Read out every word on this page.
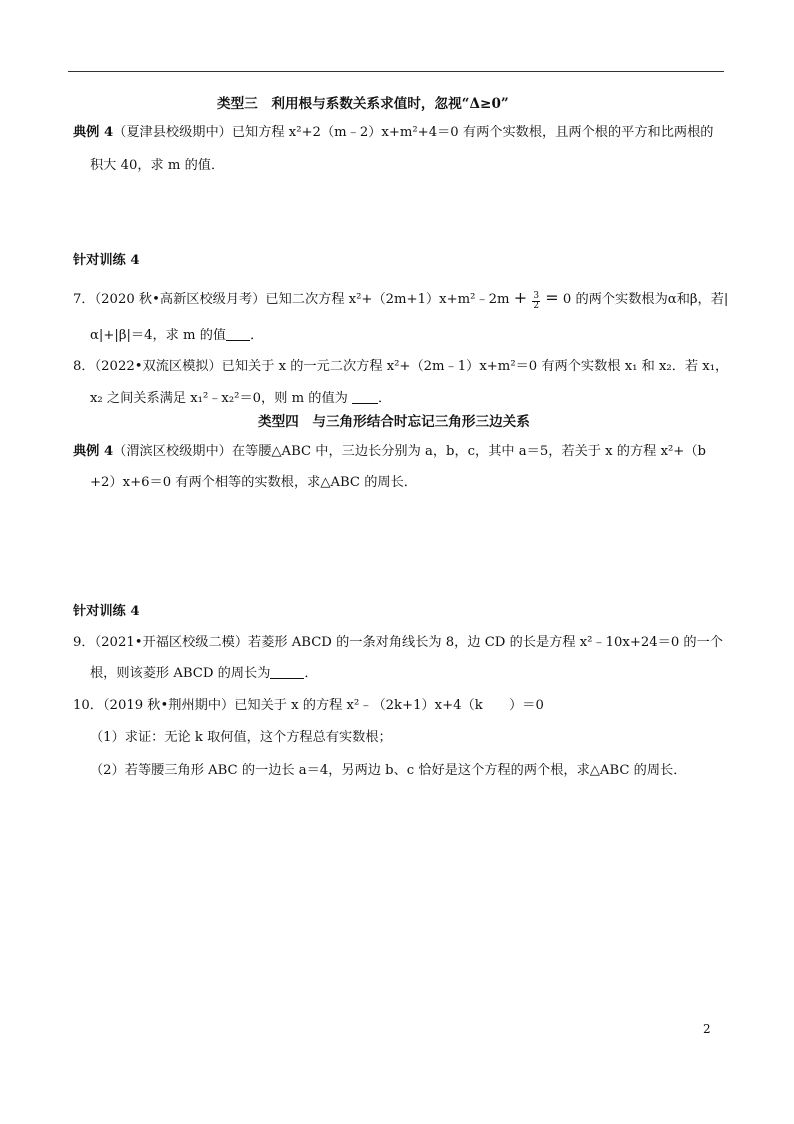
类型三　利用根与系数关系求值时，忽视“Δ≥0”
典例 4（夏津县校级期中）已知方程 x²+2（m﹣2）x+m²+4＝0 有两个实数根，且两个根的平方和比两根的
积大 40，求 m 的值．
针对训练 4
7．（2020 秋•高新区校级月考）已知二次方程 x²+（2m+1）x+m²﹣2m + $\frac{3}{2} = 0$ 的两个实数根为α和β，若|
α|+|β|＝4，求 m 的值 ．
8．（2022•双流区模拟）已知关于 x 的一元二次方程 x²+（2m﹣1）x+m²＝0 有两个实数根 x₁ 和 x₂．若 x₁，
x₂ 之间关系满足 x₁²﹣x₂²＝0，则 m 的值为 ．
类型四　与三角形结合时忘记三角形三边关系
典例 4（渭滨区校级期中）在等腰△ABC 中，三边长分别为 a，b，c，其中 a＝5，若关于 x 的方程 x²+（b
+2）x+6＝0 有两个相等的实数根，求△ABC 的周长．
针对训练 4
9．（2021•开福区校级二模）若菱形 ABCD 的一条对角线长为 8，边 CD 的长是方程 x²﹣10x+24＝0 的一个
根，则该菱形 ABCD 的周长为	．
10．（2019 秋•荆州期中）已知关于 x 的方程 x²﹣（2k+1）x+4（k　　）＝0
（1）求证：无论 k 取何值，这个方程总有实数根；
（2）若等腰三角形 ABC 的一边长 a＝4，另两边 b、c 恰好是这个方程的两个根，求△ABC 的周长．
2
